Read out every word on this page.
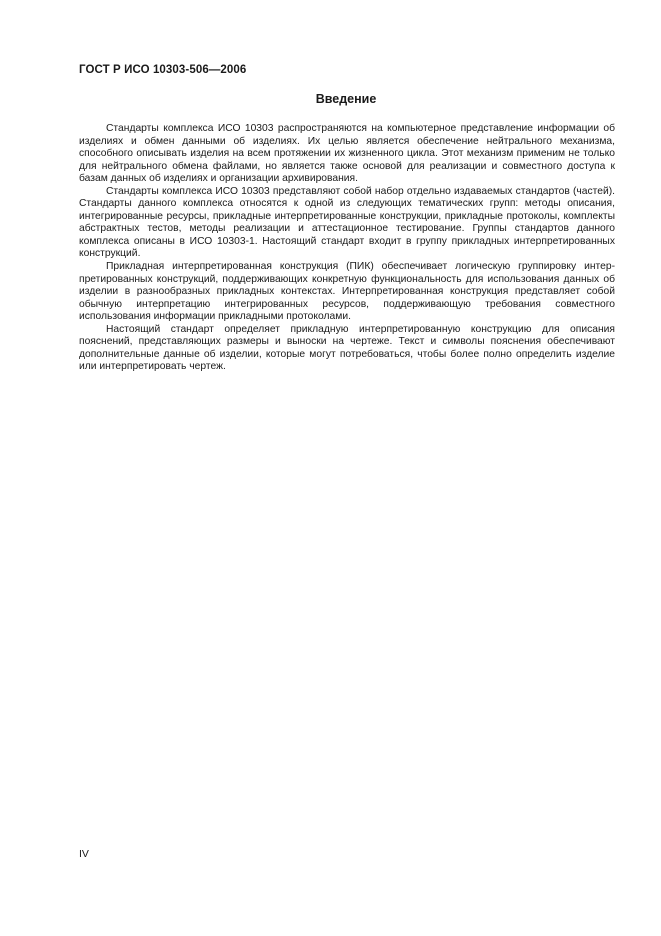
ГОСТ Р ИСО 10303-506—2006
Введение

Стандарты комплекса ИСО 10303 распространяются на компьютерное представление информации об изделиях и обмен данными об изделиях. Их целью является обеспечение нейтрального механизма, способного описывать изделия на всем протяжении их жизненного цикла. Этот механизм применим не только для нейтрального обмена файлами, но является также основой для реализации и совместного доступа к базам данных об изделиях и организации архивирования.

Стандарты комплекса ИСО 10303 представляют собой набор отдельно издаваемых стандартов (частей). Стандарты данного комплекса относятся к одной из следующих тематических групп: методы описания, интегрированные ресурсы, прикладные интерпретированные конструкции, прикладные протоколы, комплекты абстрактных тестов, методы реализации и аттестационное тестирование. Группы стандартов данного комплекса описаны в ИСО 10303-1. Настоящий стандарт входит в группу прикладных интерпретированных конструкций.

Прикладная интерпретированная конструкция (ПИК) обеспечивает логическую группировку интерпретированных конструкций, поддерживающих конкретную функциональность для использования данных об изделии в разнообразных прикладных контекстах. Интерпретированная конструкция представляет собой обычную интерпретацию интегрированных ресурсов, поддерживающую требования совместного использования информации прикладными протоколами.

Настоящий стандарт определяет прикладную интерпретированную конструкцию для описания пояснений, представляющих размеры и выноски на чертеже. Текст и символы пояснения обеспечивают дополнительные данные об изделии, которые могут потребоваться, чтобы более полно определить изделие или интерпретировать чертеж.

IV
